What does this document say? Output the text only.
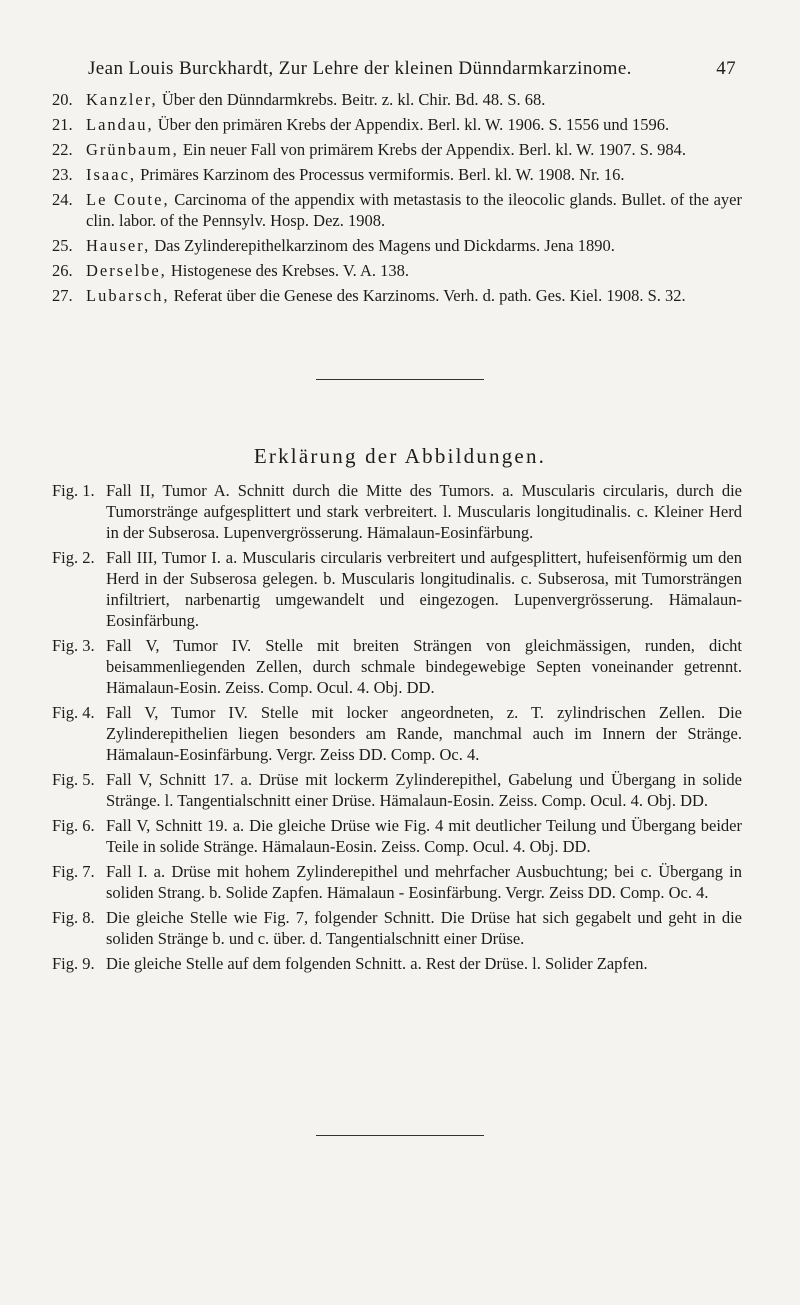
Jean Louis Burckhardt, Zur Lehre der kleinen Dünndarmkarzinome.	47
20. Kanzler, Über den Dünndarmkrebs. Beitr. z. kl. Chir. Bd. 48. S. 68.
21. Landau, Über den primären Krebs der Appendix. Berl. kl. W. 1906. S. 1556 und 1596.
22. Grünbaum, Ein neuer Fall von primärem Krebs der Appendix. Berl. kl. W. 1907. S. 984.
23. Isaac, Primäres Karzinom des Processus vermiformis. Berl. kl. W. 1908. Nr. 16.
24. Le Coute, Carcinoma of the appendix with metastasis to the ileocolic glands. Bullet. of the ayer clin. labor. of the Pennsylv. Hosp. Dez. 1908.
25. Hauser, Das Zylinderepithelkarzinom des Magens und Dickdarms. Jena 1890.
26. Derselbe, Histogenese des Krebses. V. A. 138.
27. Lubarsch, Referat über die Genese des Karzinoms. Verh. d. path. Ges. Kiel. 1908. S. 32.
Erklärung der Abbildungen.
Fig. 1. Fall II, Tumor A. Schnitt durch die Mitte des Tumors. a. Muscularis circularis, durch die Tumorstränge aufgesplittert und stark verbreitert. l. Muscularis longitudinalis. c. Kleiner Herd in der Subserosa. Lupenvergrösserung. Hämalaun-Eosinfärbung.
Fig. 2. Fall III, Tumor I. a. Muscularis circularis verbreitert und aufgesplittert, hufeisenförmig um den Herd in der Subserosa gelegen. b. Muscularis longitudinalis. c. Subserosa, mit Tumorsträngen infiltriert, narbenartig umgewandelt und eingezogen. Lupenvergrösserung. Hämalaun-Eosinfärbung.
Fig. 3. Fall V, Tumor IV. Stelle mit breiten Strängen von gleichmässigen, runden, dicht beisammenliegenden Zellen, durch schmale bindegewebige Septen voneinander getrennt. Hämalaun-Eosin. Zeiss. Comp. Ocul. 4. Obj. DD.
Fig. 4. Fall V, Tumor IV. Stelle mit locker angeordneten, z. T. zylindrischen Zellen. Die Zylinderepithelien liegen besonders am Rande, manchmal auch im Innern der Stränge. Hämalaun-Eosinfärbung. Vergr. Zeiss DD. Comp. Oc. 4.
Fig. 5. Fall V, Schnitt 17. a. Drüse mit lockerm Zylinderepithel, Gabelung und Übergang in solide Stränge. l. Tangentialschnitt einer Drüse. Hämalaun-Eosin. Zeiss. Comp. Ocul. 4. Obj. DD.
Fig. 6. Fall V, Schnitt 19. a. Die gleiche Drüse wie Fig. 4 mit deutlicher Teilung und Übergang beider Teile in solide Stränge. Hämalaun-Eosin. Zeiss. Comp. Ocul. 4. Obj. DD.
Fig. 7. Fall I. a. Drüse mit hohem Zylinderepithel und mehrfacher Ausbuchtung; bei c. Übergang in soliden Strang. b. Solide Zapfen. Hämalaun - Eosinfärbung. Vergr. Zeiss DD. Comp. Oc. 4.
Fig. 8. Die gleiche Stelle wie Fig. 7, folgender Schnitt. Die Drüse hat sich gegabelt und geht in die soliden Stränge b. und c. über. d. Tangentialschnitt einer Drüse.
Fig. 9. Die gleiche Stelle auf dem folgenden Schnitt. a. Rest der Drüse. l. Solider Zapfen.
